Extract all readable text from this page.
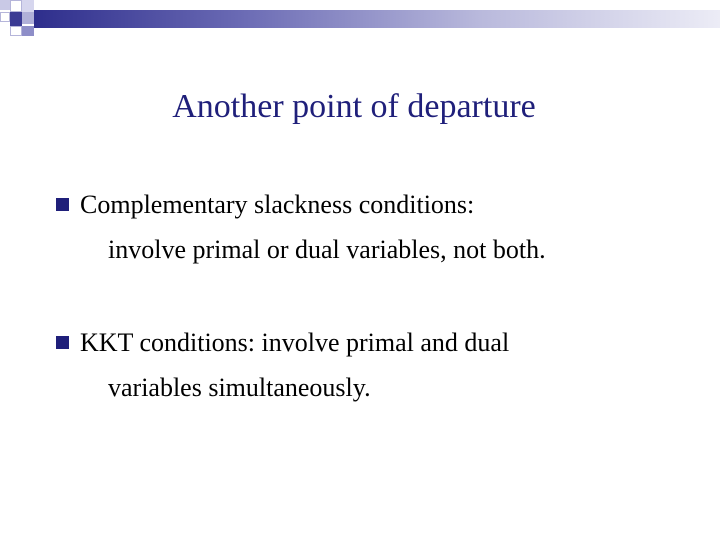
Another point of departure
Complementary slackness conditions:
involve primal or dual variables, not both.
KKT conditions: involve primal and dual
variables simultaneously.
